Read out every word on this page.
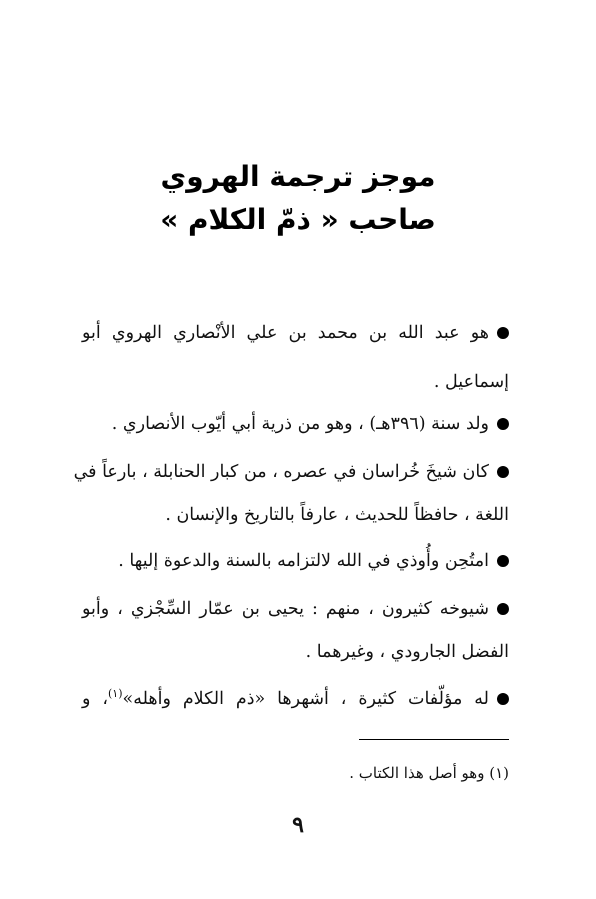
موجز ترجمة الهروي
صاحب « ذمّ الكلام »
هو عبد الله بن محمد بن علي الأنْصاري الهروي أبو
إسماعيل .
ولد سنة (٣٩٦هـ) ، وهو من ذرية أبي أيّوب الأنصاري .
كان شيخَ خُراسان في عصره ، من كبار الحنابلة ، بارعاً في
اللغة ، حافظاً للحديث ، عارفاً بالتاريخ والإنسان .
امتُحِن وأُوذي في الله لالتزامه بالسنة والدعوة إليها .
شيوخه كثيرون ، منهم : يحيى بن عمّار السِّجْزي ، وأبو
الفضل الجارودي ، وغيرهما .
له مؤلّفات كثيرة ، أشهرها «ذم الكلام وأهله»$^{(١)}$، و
(١) وهو أصل هذا الكتاب .
٩
